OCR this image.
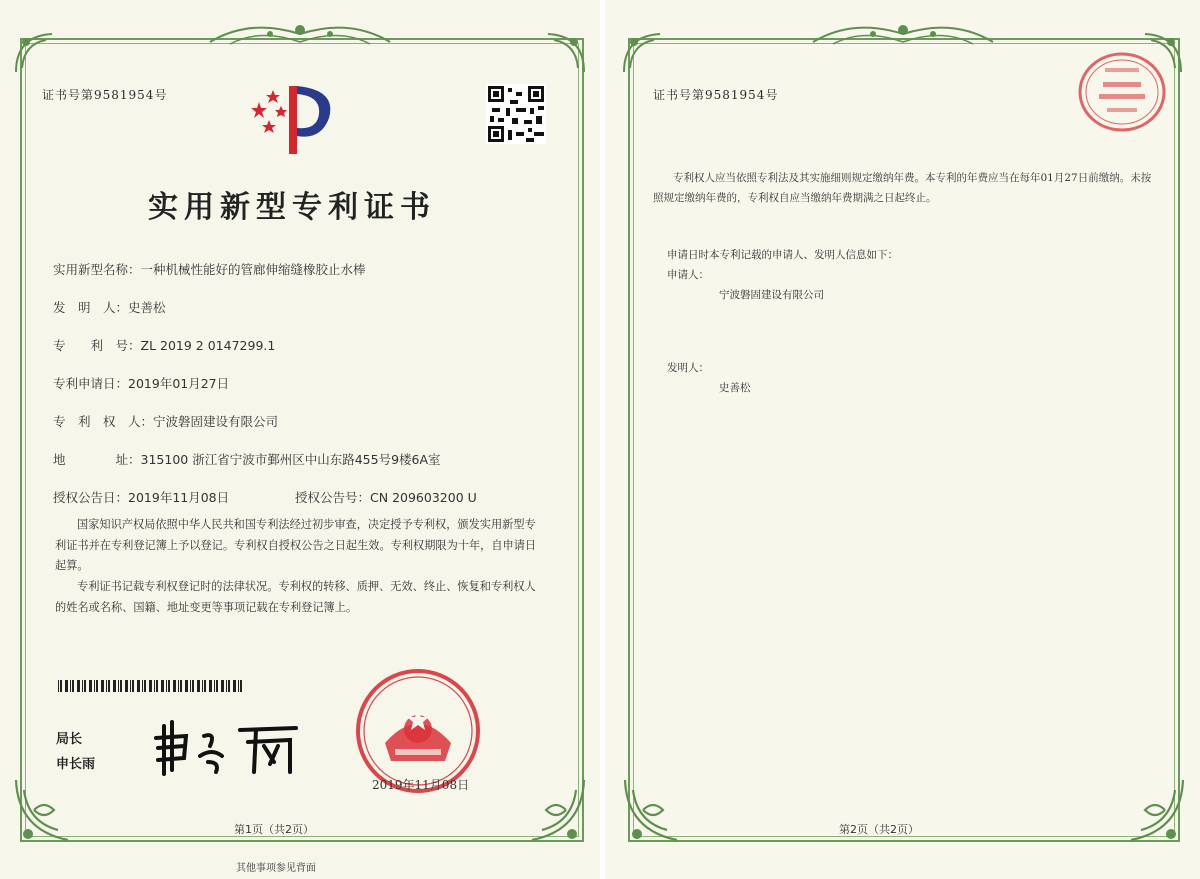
证书号第9581954号
实用新型专利证书
实用新型名称：一种机械性能好的管廊伸缩缝橡胶止水棒
发　明　人：史善松
专　　利　号：ZL 2019 2 0147299.1
专利申请日：2019年01月27日
专　利　权　人：宁波磐固建设有限公司
地　　　　址：315100 浙江省宁波市鄞州区中山东路455号9楼6A室
授权公告日：2019年11月08日	授权公告号：CN 209603200 U
国家知识产权局依照中华人民共和国专利法经过初步审查，决定授予专利权，颁发实用新型专利证书并在专利登记簿上予以登记。专利权自授权公告之日起生效。专利权期限为十年，自申请日起算。
专利证书记载专利权登记时的法律状况。专利权的转移、质押、无效、终止、恢复和专利权人的姓名或名称、国籍、地址变更等事项记载在专利登记簿上。
局长
申长雨
2019年11月08日
第1页（共2页）
其他事项参见背面
证书号第9581954号
专利权人应当依照专利法及其实施细则规定缴纳年费。本专利的年费应当在每年01月27日前缴纳。未按照规定缴纳年费的，专利权自应当缴纳年费期满之日起终止。
申请日时本专利记载的申请人、发明人信息如下：
申请人：
宁波磐固建设有限公司
发明人：
史善松
第2页（共2页）
